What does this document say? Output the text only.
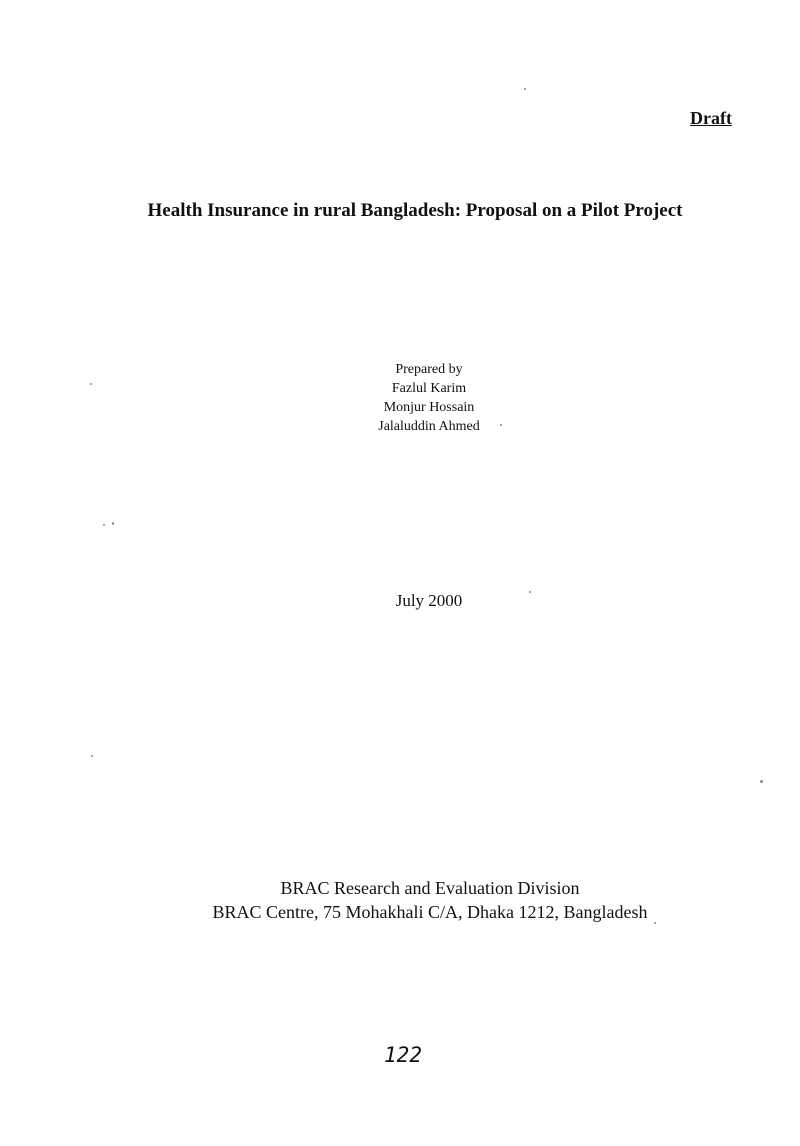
Draft
Health Insurance in rural Bangladesh: Proposal on a Pilot Project
Prepared by
Fazlul Karim
Monjur Hossain
Jalaluddin Ahmed
July 2000
BRAC Research and Evaluation Division
BRAC Centre, 75 Mohakhali C/A, Dhaka 1212, Bangladesh
122
